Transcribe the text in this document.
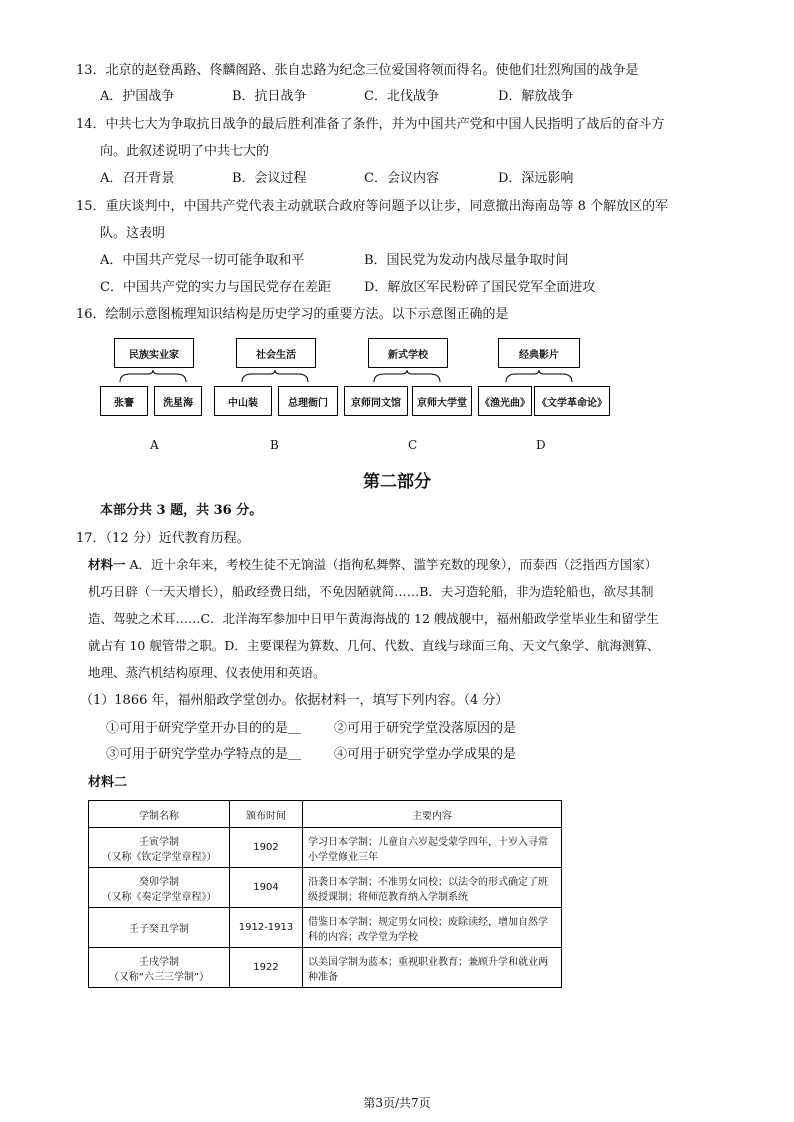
13．北京的赵登禹路、佟麟阁路、张自忠路为纪念三位爱国将领而得名。使他们壮烈殉国的战争是
A．护国战争	B．抗日战争	C．北伐战争	D．解放战争
14．中共七大为争取抗日战争的最后胜利准备了条件，并为中国共产党和中国人民指明了战后的奋斗方
向。此叙述说明了中共七大的
A．召开背景	B．会议过程	C．会议内容	D．深远影响
15．重庆谈判中，中国共产党代表主动就联合政府等问题予以让步，同意撤出海南岛等 8 个解放区的军
队。这表明
A．中国共产党尽一切可能争取和平	B．国民党为发动内战尽量争取时间
C．中国共产党的实力与国民党存在差距	D．解放区军民粉碎了国民党军全面进攻
16．绘制示意图梳理知识结构是历史学习的重要方法。以下示意图正确的是
民族实业家
张謇	洗星海
A
社会生活
中山装	总理衙门
B
新式学校
京师同文馆	京师大学堂
C
经典影片
《渔光曲》 《文学革命论》
D
第二部分
本部分共 3 题，共 36 分。
17．（12 分）近代教育历程。
材料一 A．近十余年来，考校生徒不无饷溢（指徇私舞弊、滥竽充数的现象），而泰西（泛指西方国家）
机巧日辟（一天天增长），船政经费日绌，不免因陋就简……B．夫习造轮船，非为造轮船也，欲尽其制
造、驾驶之术耳……C．北洋海军参加中日甲午黄海海战的 12 艘战舰中，福州船政学堂毕业生和留学生
就占有 10 舰管带之职。D．主要课程为算数、几何、代数、直线与球面三角、天文气象学、航海测算、
地理、蒸汽机结构原理、仪表使用和英语。
（1）1866 年，福州船政学堂创办。依据材料一，填写下列内容。（4 分）
①可用于研究学堂开办目的的是＿	②可用于研究学堂没落原因的是
③可用于研究学堂办学特点的是＿	④可用于研究学堂办学成果的是
材料二
学制名称	颁布时间	主要内容

壬寅学制
（又称《钦定学堂章程》）	1902	学习日本学制；儿童自六岁起受蒙学四年，十岁入寻常小学堂修业三年

癸卯学制
（又称《奏定学堂章程》）	1904	沿袭日本学制；不准男女同校；以法令的形式确定了班级授课制；将师范教育纳入学制系统

壬子癸丑学制	1912-1913	借鉴日本学制；规定男女同校；废除读经，增加自然学科的内容；改学堂为学校

壬戌学制
（又称“六三三学制”）	1922	以美国学制为蓝本；重视职业教育；兼顾升学和就业两种准备
第3页/共7页
